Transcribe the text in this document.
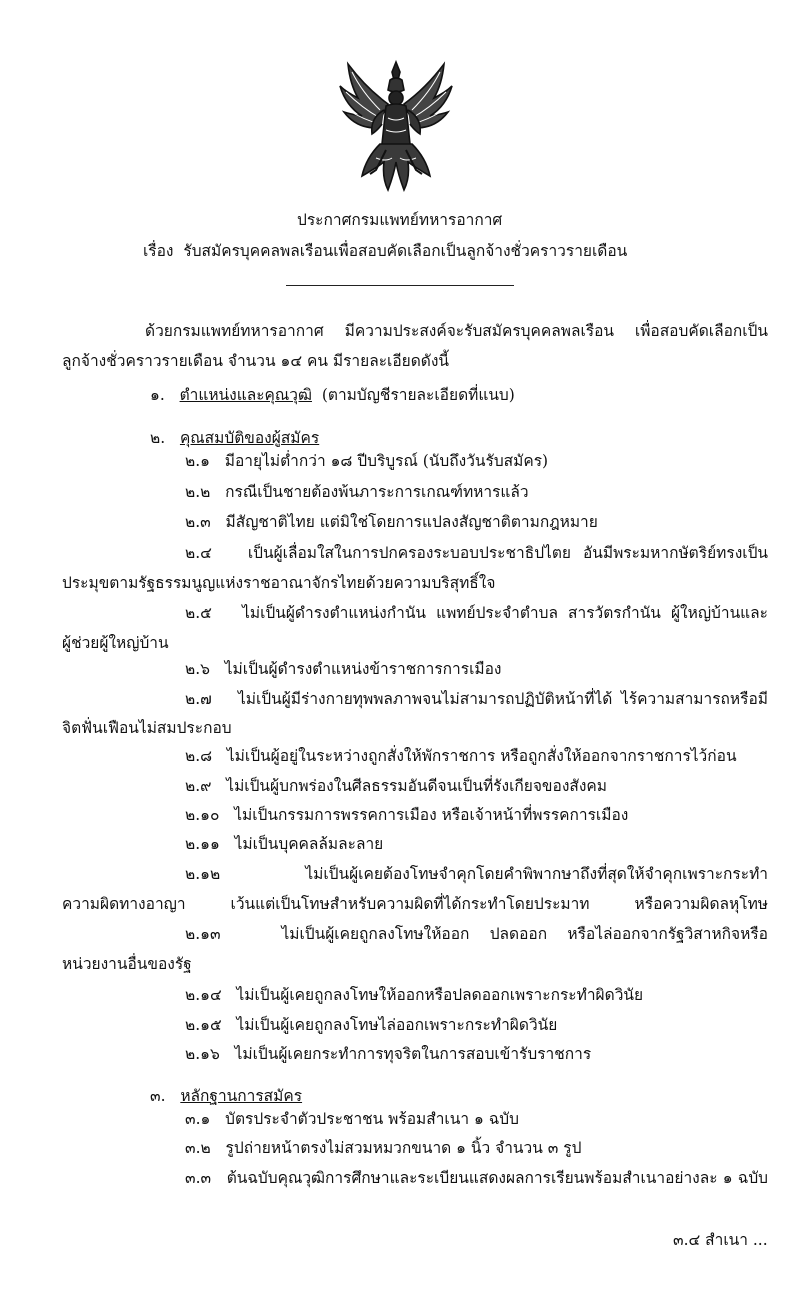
ประกาศกรมแพทย์ทหารอากาศ
เรื่อง รับสมัครบุคคลพลเรือนเพื่อสอบคัดเลือกเป็นลูกจ้างชั่วคราวรายเดือน
ด้วยกรมแพทย์ทหารอากาศ มีความประสงค์จะรับสมัครบุคคลพลเรือน เพื่อสอบคัดเลือกเป็น
ลูกจ้างชั่วคราวรายเดือน จำนวน ๑๔ คน มีรายละเอียดดังนี้
๑. ตำแหน่งและคุณวุฒิ (ตามบัญชีรายละเอียดที่แนบ)
๒. คุณสมบัติของผู้สมัคร
๒.๑ มีอายุไม่ต่ำกว่า ๑๘ ปีบริบูรณ์ (นับถึงวันรับสมัคร)
๒.๒ กรณีเป็นชายต้องพ้นภาระการเกณฑ์ทหารแล้ว
๒.๓ มีสัญชาติไทย แต่มิใช่โดยการแปลงสัญชาติตามกฎหมาย
๒.๔ เป็นผู้เลื่อมใสในการปกครองระบอบประชาธิปไตย อันมีพระมหากษัตริย์ทรงเป็น
ประมุขตามรัฐธรรมนูญแห่งราชอาณาจักรไทยด้วยความบริสุทธิ์ใจ
๒.๕ ไม่เป็นผู้ดำรงตำแหน่งกำนัน แพทย์ประจำตำบล สารวัตรกำนัน ผู้ใหญ่บ้านและ
ผู้ช่วยผู้ใหญ่บ้าน
๒.๖ ไม่เป็นผู้ดำรงตำแหน่งข้าราชการการเมือง
๒.๗ ไม่เป็นผู้มีร่างกายทุพพลภาพจนไม่สามารถปฏิบัติหน้าที่ได้ ไร้ความสามารถหรือมี
จิตฟั่นเฟือนไม่สมประกอบ
๒.๘ ไม่เป็นผู้อยู่ในระหว่างถูกสั่งให้พักราชการ หรือถูกสั่งให้ออกจากราชการไว้ก่อน
๒.๙ ไม่เป็นผู้บกพร่องในศีลธรรมอันดีจนเป็นที่รังเกียจของสังคม
๒.๑๐ ไม่เป็นกรรมการพรรคการเมือง หรือเจ้าหน้าที่พรรคการเมือง
๒.๑๑ ไม่เป็นบุคคลล้มละลาย
๒.๑๒	ไม่เป็นผู้เคยต้องโทษจำคุกโดยคำพิพากษาถึงที่สุดให้จำคุกเพราะกระทำ
ความผิดทางอาญา เว้นแต่เป็นโทษสำหรับความผิดที่ได้กระทำโดยประมาท หรือความผิดลหุโทษ
๒.๑๓	ไม่เป็นผู้เคยถูกลงโทษให้ออก ปลดออก หรือไล่ออกจากรัฐวิสาหกิจหรือ
หน่วยงานอื่นของรัฐ
๒.๑๔ ไม่เป็นผู้เคยถูกลงโทษให้ออกหรือปลดออกเพราะกระทำผิดวินัย
๒.๑๕ ไม่เป็นผู้เคยถูกลงโทษไล่ออกเพราะกระทำผิดวินัย
๒.๑๖ ไม่เป็นผู้เคยกระทำการทุจริตในการสอบเข้ารับราชการ
๓. หลักฐานการสมัคร
๓.๑ บัตรประจำตัวประชาชน พร้อมสำเนา ๑ ฉบับ
๓.๒ รูปถ่ายหน้าตรงไม่สวมหมวกขนาด ๑ นิ้ว จำนวน ๓ รูป
๓.๓ ต้นฉบับคุณวุฒิการศึกษาและระเบียนแสดงผลการเรียนพร้อมสำเนาอย่างละ ๑ ฉบับ
๓.๔ สำเนา ...
